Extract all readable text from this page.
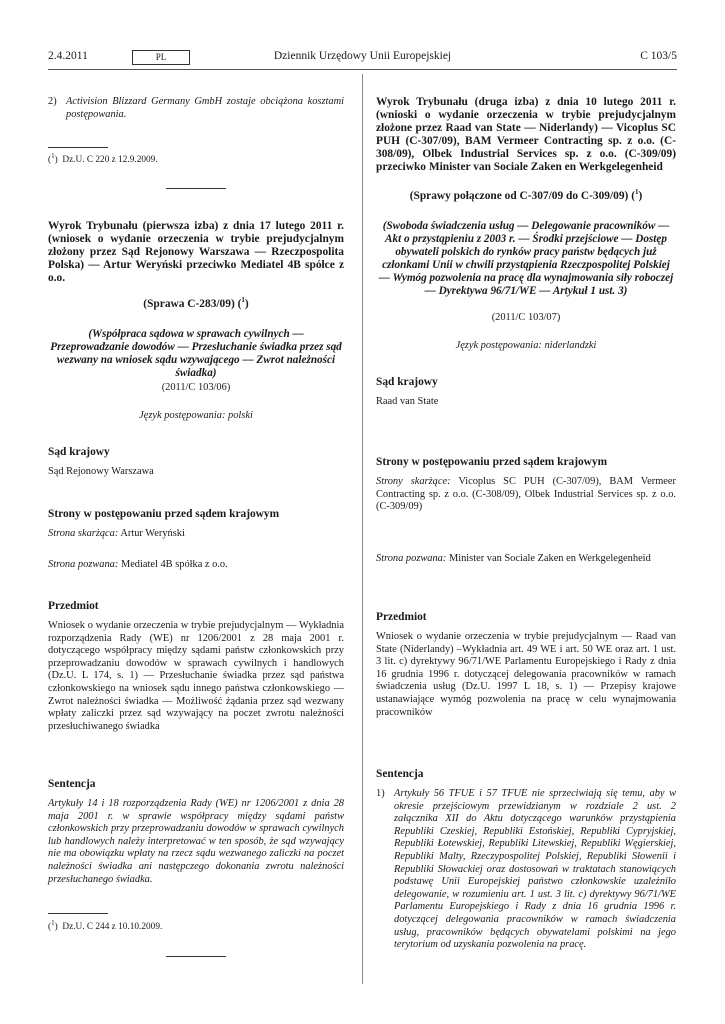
2.4.2011	PL	Dziennik Urzędowy Unii Europejskiej	C 103/5
2) Activision Blizzard Germany GmbH zostaje obciążona kosztami postępowania.
($^1$)  Dz.U. C 220 z 12.9.2009.

Wyrok Trybunału (pierwsza izba) z dnia 17 lutego 2011 r. (wniosek o wydanie orzeczenia w trybie prejudycjalnym złożony przez Sąd Rejonowy Warszawa — Rzeczpospolita Polska) — Artur Weryński przeciwko Mediatel 4B spółce z o.o.

(Sprawa C-283/09) ($^1$)

(Współpraca sądowa w sprawach cywilnych — Przeprowadzanie dowodów — Przesłuchanie świadka przez sąd wezwany na wniosek sądu wzywającego — Zwrot należności świadka)

(2011/C 103/06)

Język postępowania: polski

Sąd krajowy

Sąd Rejonowy Warszawa

Strony w postępowaniu przed sądem krajowym

Strona skarżąca: Artur Weryński

Strona pozwana: Mediatel 4B spółka z o.o.

Przedmiot

Wniosek o wydanie orzeczenia w trybie prejudycjalnym — Wykładnia rozporządzenia Rady (WE) nr 1206/2001 z 28 maja 2001 r. dotyczącego współpracy między sądami państw członkowskich przy przeprowadzaniu dowodów w sprawach cywilnych i handlowych (Dz.U. L 174, s. 1) — Przesłuchanie świadka przez sąd państwa członkowskiego na wniosek sądu innego państwa członkowskiego — Zwrot należności świadka — Możliwość żądania przez sąd wezwany wpłaty zaliczki przez sąd wzywający na poczet zwrotu należności przesłuchiwanego świadka

Sentencja

Artykuły 14 i 18 rozporządzenia Rady (WE) nr 1206/2001 z dnia 28 maja 2001 r. w sprawie współpracy między sądami państw członkowskich przy przeprowadzaniu dowodów w sprawach cywilnych lub handlowych należy interpretować w ten sposób, że sąd wzywający nie ma obowiązku wpłaty na rzecz sądu wezwanego zaliczki na poczet należności świadka ani następczego dokonania zwrotu należności przesłuchanego świadka.

($^1$)  Dz.U. C 244 z 10.10.2009.

Wyrok Trybunału (druga izba) z dnia 10 lutego 2011 r. (wnioski o wydanie orzeczenia w trybie prejudycjalnym złożone przez Raad van State — Niderlandy) — Vicoplus SC PUH (C-307/09), BAM Vermeer Contracting sp. z o.o. (C-308/09), Olbek Industrial Services sp. z o.o. (C-309/09) przeciwko Minister van Sociale Zaken en Werkgelegenheid

(Sprawy połączone od C-307/09 do C-309/09) ($^1$)

(Swoboda świadczenia usług — Delegowanie pracowników — Akt o przystąpieniu z 2003 r. — Środki przejściowe — Dostęp obywateli polskich do rynków pracy państw będących już członkami Unii w chwili przystąpienia Rzeczpospolitej Polskiej — Wymóg pozwolenia na pracę dla wynajmowania siły roboczej — Dyrektywa 96/71/WE — Artykuł 1 ust. 3)

(2011/C 103/07)

Język postępowania: niderlandzki

Sąd krajowy

Raad van State

Strony w postępowaniu przed sądem krajowym

Strony skarżące: Vicoplus SC PUH (C-307/09), BAM Vermeer Contracting sp. z o.o. (C-308/09), Olbek Industrial Services sp. z o.o. (C-309/09)

Strona pozwana: Minister van Sociale Zaken en Werkgelegenheid

Przedmiot

Wniosek o wydanie orzeczenia w trybie prejudycjalnym — Raad van State (Niderlandy) –Wykładnia art. 49 WE i art. 50 WE oraz art. 1 ust. 3 lit. c) dyrektywy 96/71/WE Parlamentu Europejskiego i Rady z dnia 16 grudnia 1996 r. dotyczącej delegowania pracowników w ramach świadczenia usług (Dz.U. 1997 L 18, s. 1) — Przepisy krajowe ustanawiające wymóg pozwolenia na pracę w celu wynajmowania pracowników

Sentencja

1) Artykuły 56 TFUE i 57 TFUE nie sprzeciwiają się temu, aby w okresie przejściowym przewidzianym w rozdziale 2 ust. 2 załącznika XII do Aktu dotyczącego warunków przystąpienia Republiki Czeskiej, Republiki Estońskiej, Republiki Cypryjskiej, Republiki Łotewskiej, Republiki Litewskiej, Republiki Węgierskiej, Republiki Malty, Rzeczypospolitej Polskiej, Republiki Słowenii i Republiki Słowackiej oraz dostosowań w traktatach stanowiących podstawę Unii Europejskiej państwo członkowskie uzależniło delegowanie, w rozumieniu art. 1 ust. 3 lit. c) dyrektywy 96/71/WE Parlamentu Europejskiego i Rady z dnia 16 grudnia 1996 r. dotyczącej delegowania pracowników w ramach świadczenia usług, pracowników będących obywatelami polskimi na jego terytorium od uzyskania pozwolenia na pracę.
